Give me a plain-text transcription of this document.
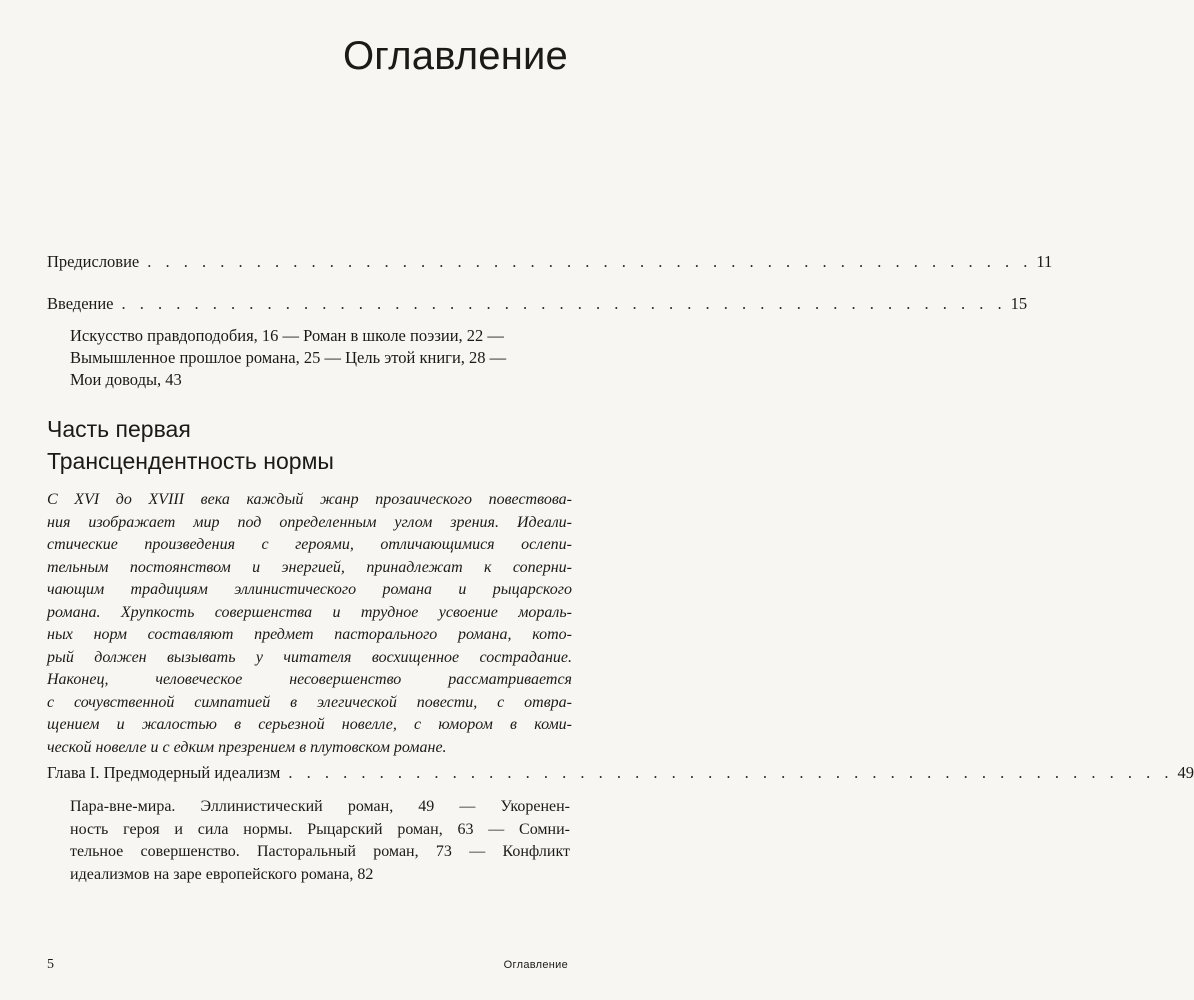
Оглавление
Предисловие . . . . . . . . . . . . . . . . . . . . . . . . . . . . . . . . . . . . . . . . . . . . . . . . . 11
Введение . . . . . . . . . . . . . . . . . . . . . . . . . . . . . . . . . . . . . . . . . . . . . . . . . 15
Искусство правдоподобия, 16 — Роман в школе поэзии, 22 —
Вымышленное прошлое романа, 25 — Цель этой книги, 28 —
Мои доводы, 43
Часть первая
Трансцендентность нормы
С XVI до XVIII века каждый жанр прозаического повествова-
ния изображает мир под определенным углом зрения. Идеали-
стические произведения с героями, отличающимися ослепи-
тельным постоянством и энергией, принадлежат к соперни-
чающим традициям эллинистического романа и рыцарского
романа. Хрупкость совершенства и трудное усвоение мораль-
ных норм составляют предмет пасторального романа, кото-
рый должен вызывать у читателя восхищенное сострадание.
Наконец, человеческое несовершенство рассматривается
с сочувственной симпатией в элегической повести, с отвра-
щением и жалостью в серьезной новелле, с юмором в коми-
ческой новелле и с едким презрением в плутовском романе.
Глава I. Предмодерный идеализм . . . . . . . . . . . . . . . . . . . . . . . . . . . . . . . . . . . . . . . . . . . . . . . . . 49
Пара-вне-мира. Эллинистический роман, 49 — Укоренен-
ность героя и сила нормы. Рыцарский роман, 63 — Сомни-
тельное совершенство. Пасторальный роман, 73 — Конфликт
идеализмов на заре европейского романа, 82
5	Оглавление
